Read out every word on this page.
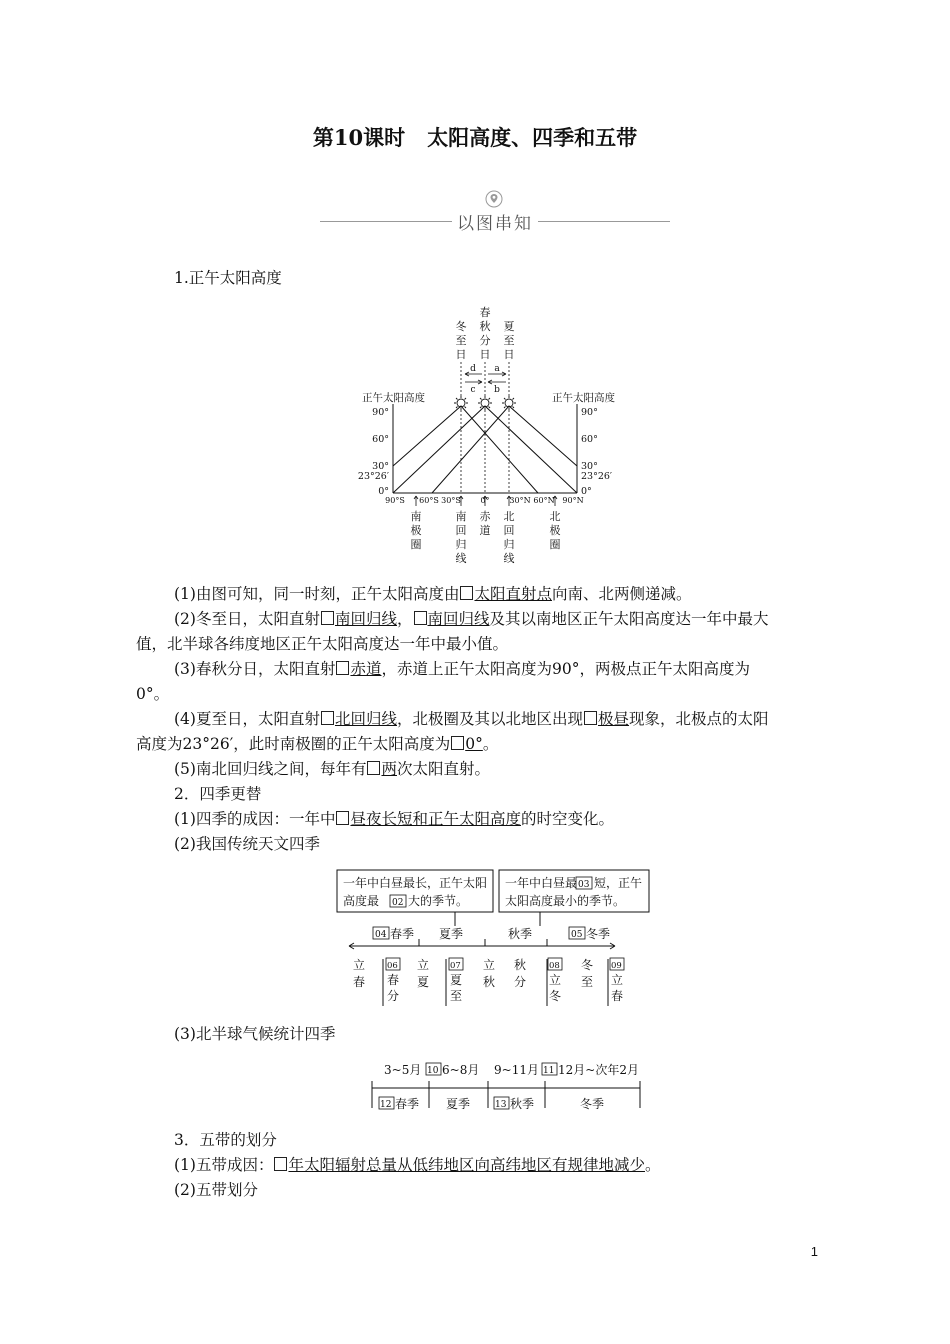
第10课时 太阳高度、四季和五带
以图串知
1.正午太阳高度
冬
至
日
春
秋
分
日
夏
至
日
d
c
a
b
正午太阳高度	正午太阳高度
90°
60°
30°
23°26′
0°
90°
60°
30°
23°26′
0°
90°S 60°S 30°S 0° 30°N 60°N 90°N
南
极
圈
南
回
归
线
赤
道
北
回
归
线
北
极
圈
(1)由图可知，同一时刻，正午太阳高度由 太阳直射点向南、北两侧递减。
(2)冬至日，太阳直射 南回归线， 南回归线及其以南地区正午太阳高度达一年中最大
值，北半球各纬度地区正午太阳高度达一年中最小值。
(3)春秋分日，太阳直射 赤道，赤道上正午太阳高度为90°，两极点正午太阳高度为
0°。
(4)夏至日，太阳直射 北回归线，北极圈及其以北地区出现 极昼现象，北极点的太阳
高度为23°26′，此时南极圈的正午太阳高度为 0°。
(5)南北回归线之间，每年有 两次太阳直射。
2．四季更替
(1)四季的成因：一年中 昼夜长短和正午太阳高度的时空变化。
(2)我国传统天文四季
一年中白昼最长，正午太阳
高度最 02 大的季节。
一年中白昼最 03 短，正午
太阳高度最小的季节。
04 春季 夏季	秋季	05 冬季
立
春
06
春
分
立
夏
07
夏
至
立
秋
秋
分
08
立
冬
冬
至
09
立
春
(3)北半球气候统计四季
3~5月 10 6~8月 9~11月 11 12月~次年2月
12 春季 夏季	13 秋季	冬季
3．五带的划分
(1)五带成因： 年太阳辐射总量从低纬地区向高纬地区有规律地减少。
(2)五带划分
1
